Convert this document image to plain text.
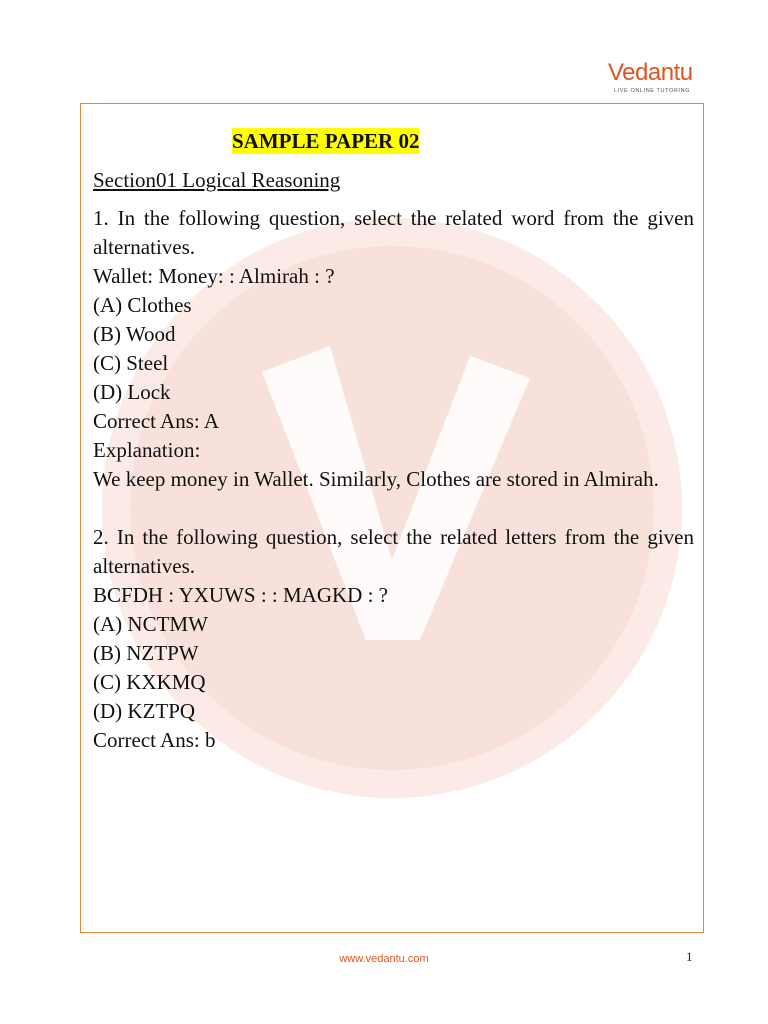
Vedantu
LIVE ONLINE TUTORING
SAMPLE PAPER 02
Section01 Logical Reasoning
1. In the following question, select the related word from the given alternatives.
Wallet: Money: : Almirah : ?
(A) Clothes
(B) Wood
(C) Steel
(D) Lock
Correct Ans: A
Explanation:
We keep money in Wallet. Similarly, Clothes are stored in Almirah.
2. In the following question, select the related letters from the given alternatives.
BCFDH : YXUWS : : MAGKD : ?
(A) NCTMW
(B) NZTPW
(C) KXKMQ
(D) KZTPQ
Correct Ans: b
www.vedantu.com	1
